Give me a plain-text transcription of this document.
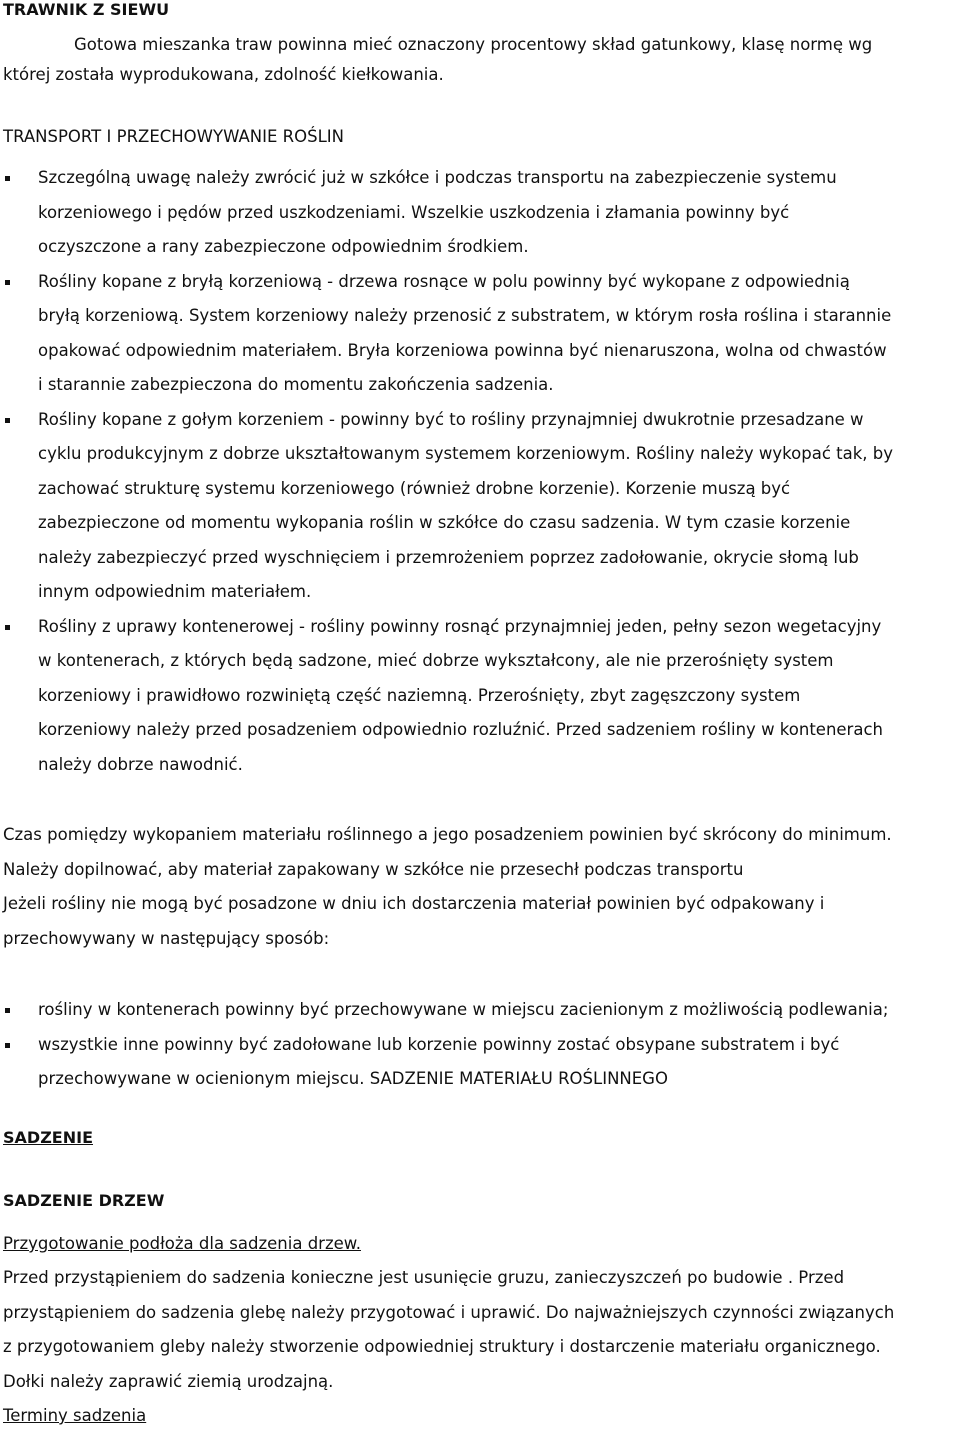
TRAWNIK Z SIEWU
Gotowa mieszanka traw powinna mieć oznaczony procentowy skład gatunkowy, klasę normę wg
której została wyprodukowana, zdolność kiełkowania.
TRANSPORT I PRZECHOWYWANIE ROŚLIN

Szczególną uwagę należy zwrócić już w szkółce i podczas transportu na zabezpieczenie systemu

korzeniowego i pędów przed uszkodzeniami. Wszelkie uszkodzenia i złamania powinny być

oczyszczone a rany zabezpieczone odpowiednim środkiem.

Rośliny kopane z bryłą korzeniową - drzewa rosnące w polu powinny być wykopane z odpowiednią

bryłą korzeniową. System korzeniowy należy przenosić z substratem, w którym rosła roślina i starannie

opakować odpowiednim materiałem. Bryła korzeniowa powinna być nienaruszona, wolna od chwastów

i starannie zabezpieczona do momentu zakończenia sadzenia.

Rośliny kopane z gołym korzeniem - powinny być to rośliny przynajmniej dwukrotnie przesadzane w

cyklu produkcyjnym z dobrze ukształtowanym systemem korzeniowym. Rośliny należy wykopać tak, by

zachować strukturę systemu korzeniowego (również drobne korzenie). Korzenie muszą być

zabezpieczone od momentu wykopania roślin w szkółce do czasu sadzenia. W tym czasie korzenie

należy zabezpieczyć przed wyschnięciem i przemrożeniem poprzez zadołowanie, okrycie słomą lub

innym odpowiednim materiałem.

Rośliny z uprawy kontenerowej - rośliny powinny rosnąć przynajmniej jeden, pełny sezon wegetacyjny

w kontenerach, z których będą sadzone, mieć dobrze wykształcony, ale nie przerośnięty system

korzeniowy i prawidłowo rozwiniętą część naziemną. Przerośnięty, zbyt zagęszczony system

korzeniowy należy przed posadzeniem odpowiednio rozluźnić. Przed sadzeniem rośliny w kontenerach

należy dobrze nawodnić.

Czas pomiędzy wykopaniem materiału roślinnego a jego posadzeniem powinien być skrócony do minimum.

Należy dopilnować, aby materiał zapakowany w szkółce nie przesechł podczas transportu

Jeżeli rośliny nie mogą być posadzone w dniu ich dostarczenia materiał powinien być odpakowany i

przechowywany w następujący sposób:

rośliny w kontenerach powinny być przechowywane w miejscu zacienionym z możliwością podlewania;

wszystkie inne powinny być zadołowane lub korzenie powinny zostać obsypane substratem i być

przechowywane w ocienionym miejscu. SADZENIE MATERIAŁU ROŚLINNEGO

SADZENIE
SADZENIE DRZEW
Przygotowanie podłoża dla sadzenia drzew.

Przed przystąpieniem do sadzenia konieczne jest usunięcie gruzu, zanieczyszczeń po budowie . Przed

przystąpieniem do sadzenia glebę należy przygotować i uprawić. Do najważniejszych czynności związanych

z przygotowaniem gleby należy stworzenie odpowiedniej struktury i dostarczenie materiału organicznego.

Dołki należy zaprawić ziemią urodzajną.

Terminy sadzenia
